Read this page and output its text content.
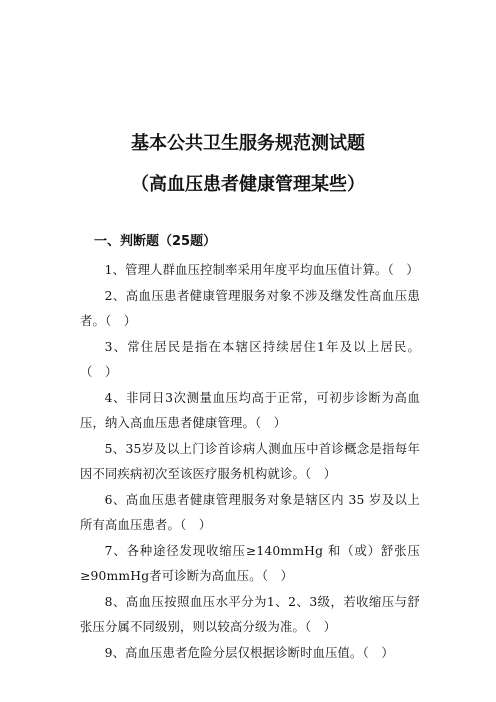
基本公共卫生服务规范测试题
（高血压患者健康管理某些）
一、判断题（25题）

1、管理人群血压控制率采用年度平均血压值计算。（　）

2、高血压患者健康管理服务对象不涉及继发性高血压患者。（　）

3、常住居民是指在本辖区持续居住1年及以上居民。（　）

4、非同日3次测量血压均高于正常，可初步诊断为高血压，纳入高血压患者健康管理。（　）

5、35岁及以上门诊首诊病人测血压中首诊概念是指每年因不同疾病初次至该医疗服务机构就诊。（　）

6、高血压患者健康管理服务对象是辖区内 35 岁及以上所有高血压患者。（　）

7、各种途径发现收缩压≥140mmHg 和（或）舒张压≥90mmHg者可诊断为高血压。（　）

8、高血压按照血压水平分为1、2、3级，若收缩压与舒张压分属不同级别，则以较高分级为准。（　）

9、高血压患者危险分层仅根据诊断时血压值。（　）
